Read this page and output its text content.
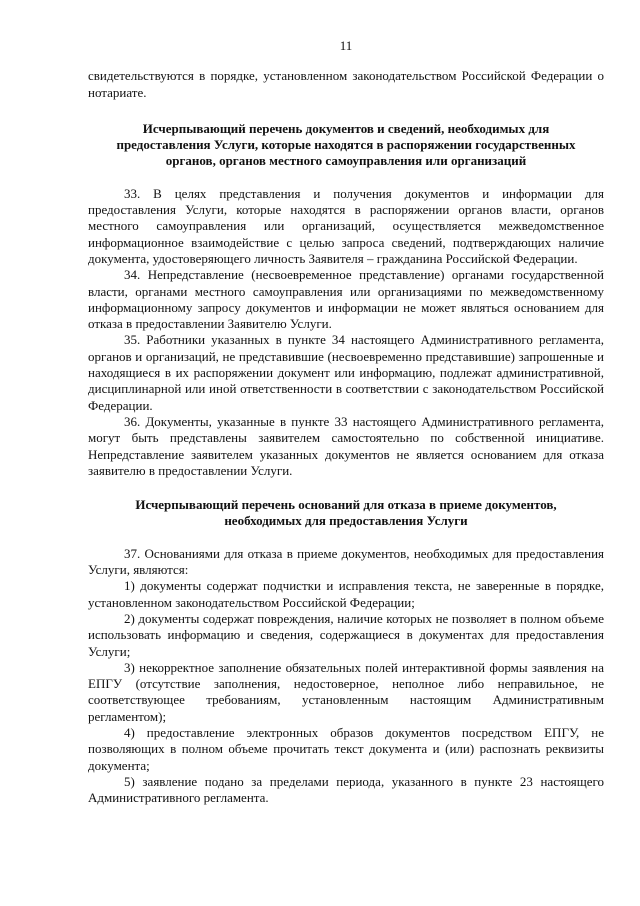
11

свидетельствуются в порядке, установленном законодательством Российской Федерации о нотариате.

Исчерпывающий перечень документов и сведений, необходимых для предоставления Услуги, которые находятся в распоряжении государственных органов, органов местного самоуправления или организаций

33. В целях представления и получения документов и информации для предоставления Услуги, которые находятся в распоряжении органов власти, органов местного самоуправления или организаций, осуществляется межведомственное информационное взаимодействие с целью запроса сведений, подтверждающих наличие документа, удостоверяющего личность Заявителя – гражданина Российской Федерации.

34. Непредставление (несвоевременное представление) органами государственной власти, органами местного самоуправления или организациями по межведомственному информационному запросу документов и информации не может являться основанием для отказа в предоставлении Заявителю Услуги.

35. Работники указанных в пункте 34 настоящего Административного регламента, органов и организаций, не представившие (несвоевременно представившие) запрошенные и находящиеся в их распоряжении документ или информацию, подлежат административной, дисциплинарной или иной ответственности в соответствии с законодательством Российской Федерации.

36. Документы, указанные в пункте 33 настоящего Административного регламента, могут быть представлены заявителем самостоятельно по собственной инициативе. Непредставление заявителем указанных документов не является основанием для отказа заявителю в предоставлении Услуги.

Исчерпывающий перечень оснований для отказа в приеме документов, необходимых для предоставления Услуги

37. Основаниями для отказа в приеме документов, необходимых для предоставления Услуги, являются:

1) документы содержат подчистки и исправления текста, не заверенные в порядке, установленном законодательством Российской Федерации;

2) документы содержат повреждения, наличие которых не позволяет в полном объеме использовать информацию и сведения, содержащиеся в документах для предоставления Услуги;

3) некорректное заполнение обязательных полей интерактивной формы заявления на ЕПГУ (отсутствие заполнения, недостоверное, неполное либо неправильное, не соответствующее требованиям, установленным настоящим Административным регламентом);

4) предоставление электронных образов документов посредством ЕПГУ, не позволяющих в полном объеме прочитать текст документа и (или) распознать реквизиты документа;

5) заявление подано за пределами периода, указанного в пункте 23 настоящего Административного регламента.
